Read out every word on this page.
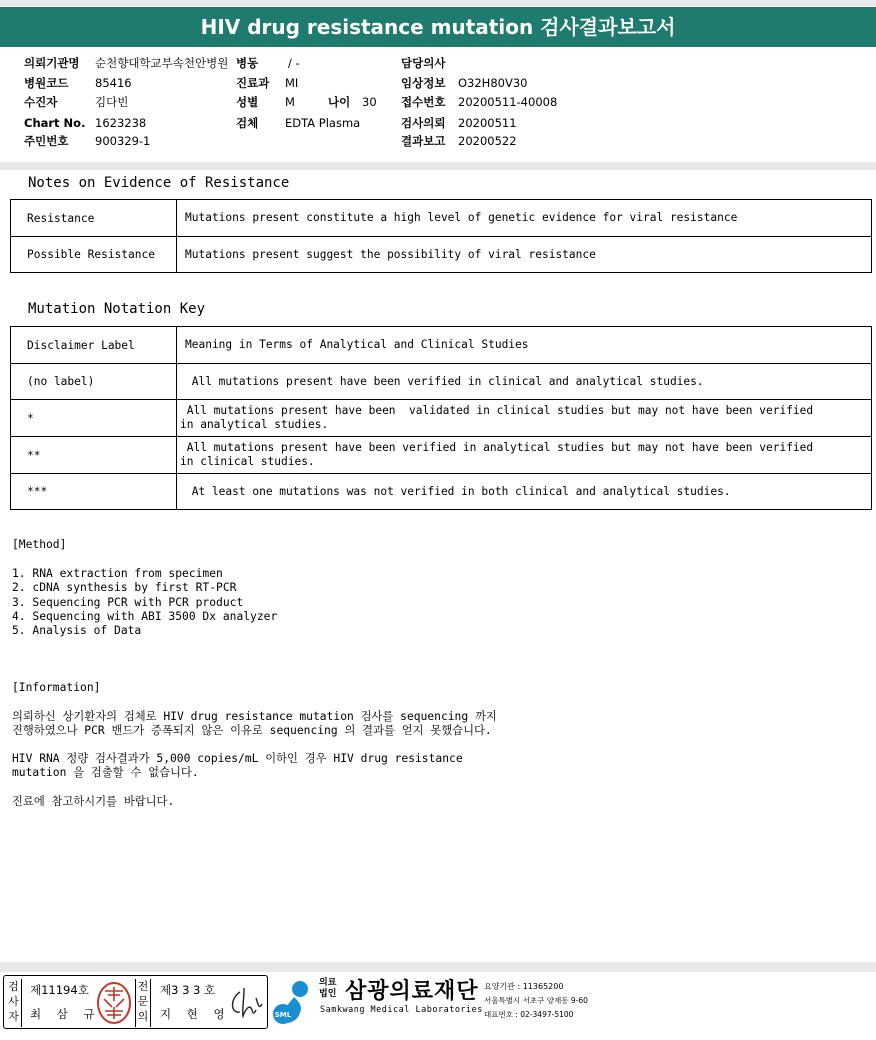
HIV drug resistance mutation 검사결과보고서
의뢰기관명 순천향대학교부속천안병원 병동	/ -	담당의사
병원코드 85416	진료과 MI	임상정보 O32H80V30
수진자	김다빈	성별 M	나이 30 접수번호 20200511-40008
Chart No. 1623238	검체 EDTA Plasma	검사의뢰 20200511
주민번호 900329-1	결과보고 20200522
Notes on Evidence of Resistance
Resistance	Mutations present constitute a high level of genetic evidence for viral resistance
Possible Resistance	Mutations present suggest the possibility of viral resistance
Mutation Notation Key
Disclaimer Label	Meaning in Terms of Analytical and Clinical Studies
(no label)	All mutations present have been verified in clinical and analytical studies.
*	All mutations present have been  validated in clinical studies but may not have been verified
in analytical studies.
**	All mutations present have been verified in analytical studies but may not have been verified
in clinical studies.
***	At least one mutations was not verified in both clinical and analytical studies.
[Method]
1. RNA extraction from specimen
2. cDNA synthesis by first RT-PCR
3. Sequencing PCR with PCR product
4. Sequencing with ABI 3500 Dx analyzer
5. Analysis of Data
[Information]
의뢰하신 상기환자의 검체로 HIV drug resistance mutation 검사를 sequencing 까지
진행하였으나 PCR 밴드가 증폭되지 않은 이유로 sequencing 의 결과를 얻지 못했습니다.
HIV RNA 정량 검사결과가 5,000 copies/mL 이하인 경우 HIV drug resistance
mutation 을 검출할 수 없습니다.
진료에 참고하시기를 바랍니다.
검
사
자
제11194호
최 삼 규
전
문
의
제3 3 3 호
지 현 영	SML
의료
법인 삼광의료재단
Samkwang Medical Laboratories
요양기관 : 11365200
서울특별시 서초구 양재동 9-60
대표번호 : 02-3497-5100
